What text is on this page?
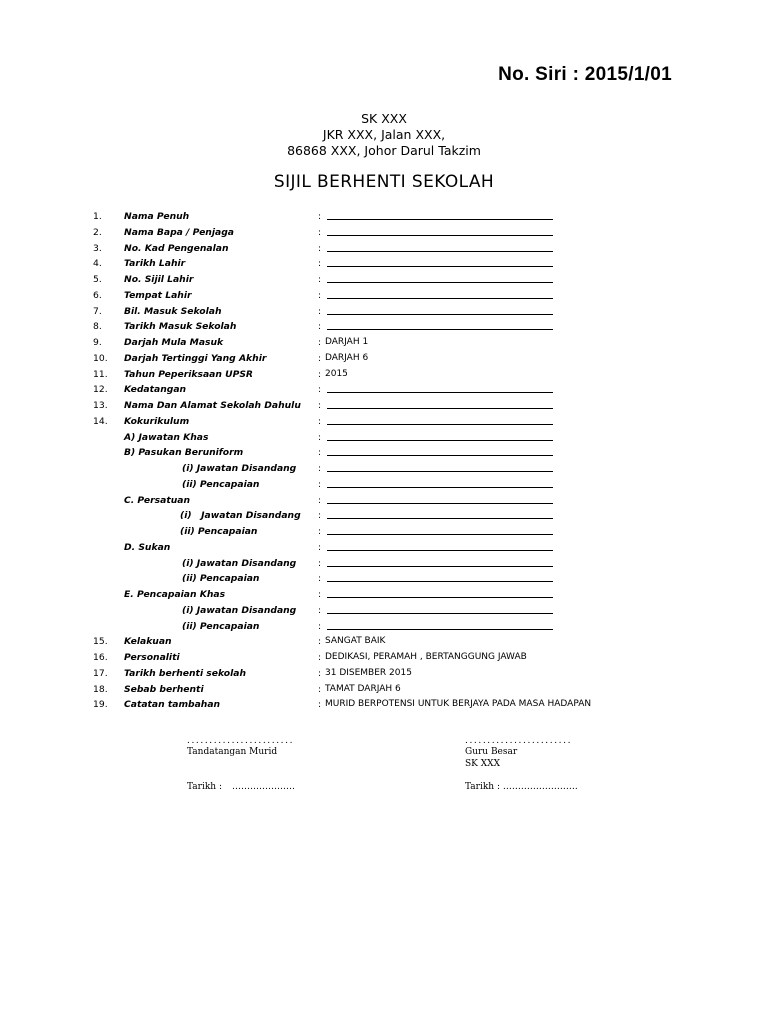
No. Siri : 2015/1/01
SK XXX
JKR XXX, Jalan XXX,
86868 XXX, Johor Darul Takzim
SIJIL BERHENTI SEKOLAH
1. Nama Penuh	:
2. Nama Bapa / Penjaga	:
3. No. Kad Pengenalan	:
4. Tarikh Lahir	:
5. No. Sijil Lahir	:
6. Tempat Lahir	:
7. Bil. Masuk Sekolah	:
8. Tarikh Masuk Sekolah	:
9. Darjah Mula Masuk	: DARJAH 1
10. Darjah Tertinggi Yang Akhir	: DARJAH 6
11. Tahun Peperiksaan UPSR	: 2015
12. Kedatangan	:
13. Nama Dan Alamat Sekolah Dahulu :
14. Kokurikulum	:
A) Jawatan Khas	:
B) Pasukan Beruniform	:
(i) Jawatan Disandang :
(ii) Pencapaian	:
C. Persatuan	:
(i)   Jawatan Disandang :
(ii) Pencapaian	:
D. Sukan	:
(i) Jawatan Disandang :
(ii) Pencapaian	:
E. Pencapaian Khas	:
(i) Jawatan Disandang :
(ii) Pencapaian	:
15. Kelakuan	: SANGAT BAIK
16. Personaliti	: DEDIKASI, PERAMAH , BERTANGGUNG JAWAB
17. Tarikh berhenti sekolah	: 31 DISEMBER 2015
18. Sebab berhenti	: TAMAT DARJAH 6
19. Catatan tambahan	: MURID BERPOTENSI UNTUK BERJAYA PADA MASA HADAPAN
........................
Tandatangan Murid
Tarikh : …………………
........................
Guru Besar
SK XXX
Tarikh : …………………….
